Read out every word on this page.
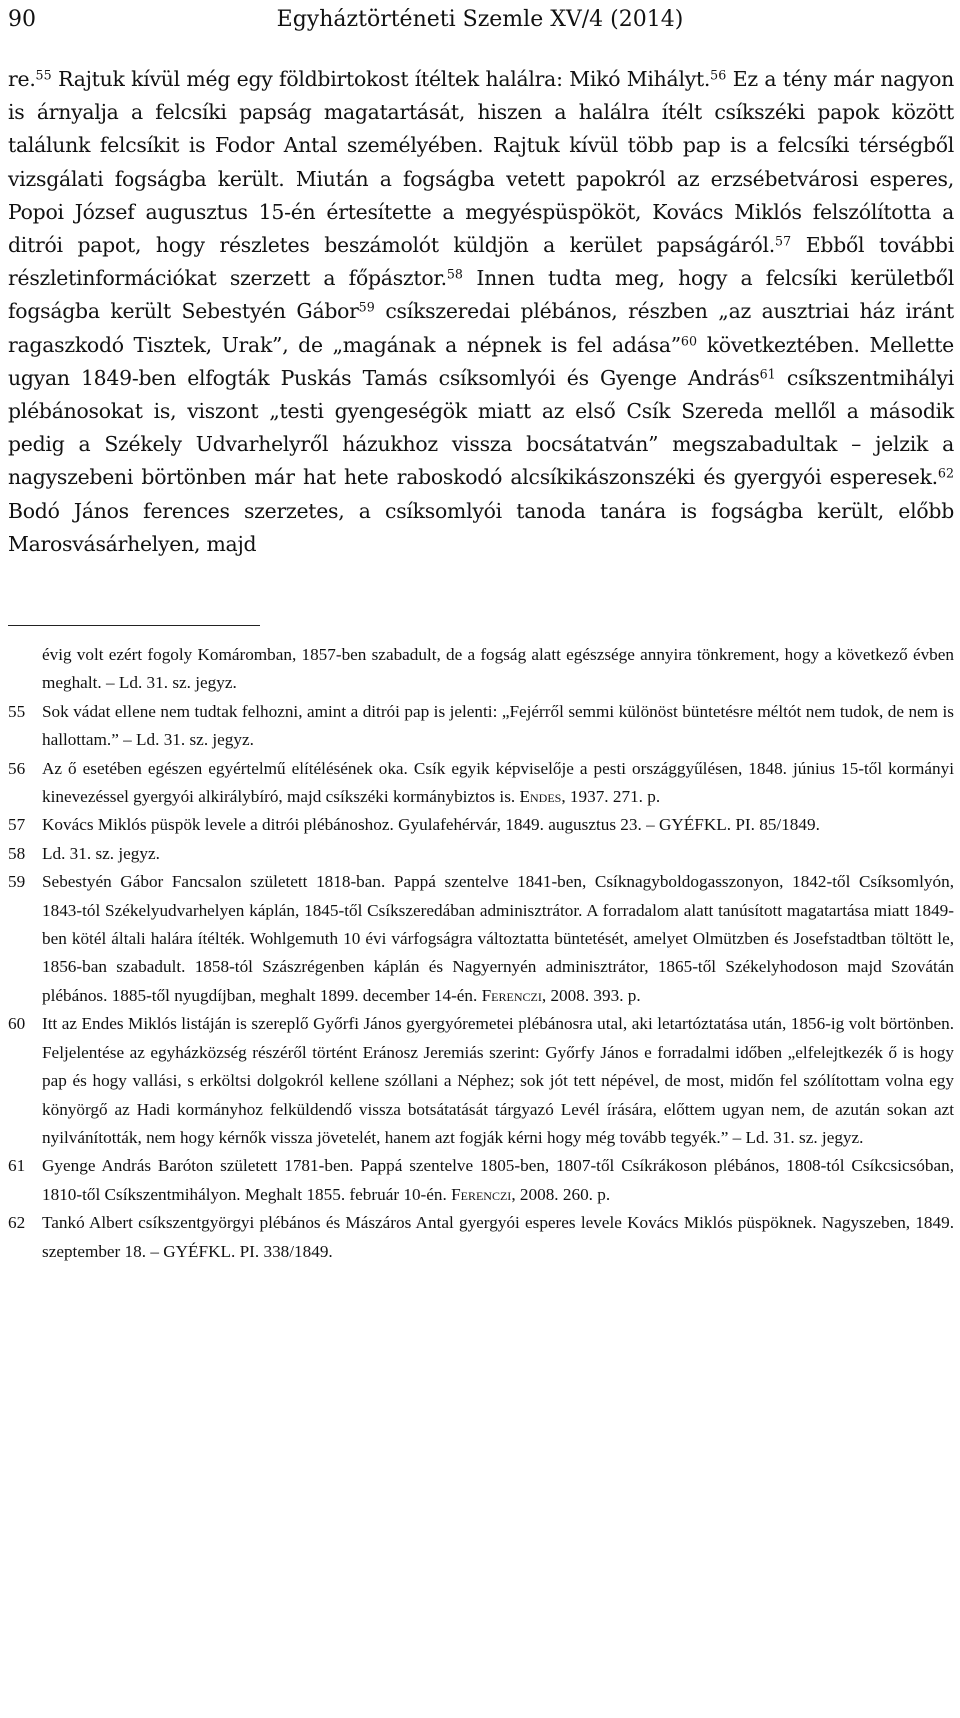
90	Egyháztörténeti Szemle XV/4 (2014)
re.$^{55}$ Rajtuk kívül még egy földbirtokost ítéltek halálra: Mikó Mihályt.$^{56}$ Ez a tény már nagyon is árnyalja a felcsíki papság magatartását, hiszen a halálra ítélt csíkszéki papok között találunk felcsíkit is Fodor Antal személyében. Rajtuk kívül több pap is a felcsíki térségből vizsgálati fogságba került. Miután a fogságba vetett papokról az erzsébetvárosi esperes, Popoi József augusztus 15-én értesítette a megyéspüspököt, Kovács Miklós felszólította a ditrói papot, hogy részletes beszámolót küldjön a kerület papságáról.$^{57}$ Ebből további részletinformációkat szerzett a főpásztor.$^{58}$ Innen tudta meg, hogy a felcsíki kerületből fogságba került Sebestyén Gábor$^{59}$ csíkszeredai plébános, részben „az ausztriai ház iránt ragaszkodó Tisztek, Urak”, de „magának a népnek is fel adása”$^{60}$ következtében. Mellette ugyan 1849-ben elfogták Puskás Tamás csíksomlyói és Gyenge András$^{61}$ csíkszentmihályi plébánosokat is, viszont „testi gyengeségök miatt az első Csík Szereda mellől a második pedig a Székely Udvarhelyről házukhoz vissza bocsátatván” megszabadultak – jelzik a nagyszebeni börtönben már hat hete raboskodó alcsíkikászonszéki és gyergyói esperesek.$^{62}$ Bodó János ferences szerzetes, a csíksomlyói tanoda tanára is fogságba került, előbb Marosvásárhelyen, majd
évig volt ezért fogoly Komáromban, 1857-ben szabadult, de a fogság alatt egészsége annyira tönkrement, hogy a következő évben meghalt. – Ld. 31. sz. jegyz.
55 Sok vádat ellene nem tudtak felhozni, amint a ditrói pap is jelenti: „Fejérről semmi különöst büntetésre méltót nem tudok, de nem is hallottam.” – Ld. 31. sz. jegyz.
56 Az ő esetében egészen egyértelmű elítélésének oka. Csík egyik képviselője a pesti országgyűlésen, 1848. június 15-től kormányi kinevezéssel gyergyói alkirálybíró, majd csíkszéki kormánybiztos is. Endes, 1937. 271. p.
57 Kovács Miklós püspök levele a ditrói plébánoshoz. Gyulafehérvár, 1849. augusztus 23. – GYÉFKL. PI. 85/1849.
58 Ld. 31. sz. jegyz.
59 Sebestyén Gábor Fancsalon született 1818-ban. Pappá szentelve 1841-ben, Csíknagyboldogasszonyon, 1842-től Csíksomlyón, 1843-tól Székelyudvarhelyen káplán, 1845-től Csíkszeredában adminisztrátor. A forradalom alatt tanúsított magatartása miatt 1849-ben kötél általi halára ítélték. Wohlgemuth 10 évi várfogságra változtatta büntetését, amelyet Olmützben és Josefstadtban töltött le, 1856-ban szabadult. 1858-tól Szászrégenben káplán és Nagyernyén adminisztrátor, 1865-től Székelyhodoson majd Szovátán plébános. 1885-től nyugdíjban, meghalt 1899. december 14-én. Ferenczi, 2008. 393. p.
60 Itt az Endes Miklós listáján is szereplő Győrfi János gyergyóremetei plébánosra utal, aki letartóztatása után, 1856-ig volt börtönben. Feljelentése az egyházközség részéről történt Eránosz Jeremiás szerint: Győrfy János e forradalmi időben „elfelejtkezék ő is hogy pap és hogy vallási, s erköltsi dolgokról kellene szóllani a Néphez; sok jót tett népével, de most, midőn fel szólítottam volna egy könyörgő az Hadi kormányhoz felküldendő vissza botsátatását tárgyazó Levél írására, előttem ugyan nem, de azután sokan azt nyilvánították, nem hogy kérnők vissza jövetelét, hanem azt fogják kérni hogy még tovább tegyék.” – Ld. 31. sz. jegyz.
61 Gyenge András Baróton született 1781-ben. Pappá szentelve 1805-ben, 1807-től Csíkrákoson plébános, 1808-tól Csíkcsicsóban, 1810-től Csíkszentmihályon. Meghalt 1855. február 10-én. Ferenczi, 2008. 260. p.
62 Tankó Albert csíkszentgyörgyi plébános és Mászáros Antal gyergyói esperes levele Kovács Miklós püspöknek. Nagyszeben, 1849. szeptember 18. – GYÉFKL. PI. 338/1849.
